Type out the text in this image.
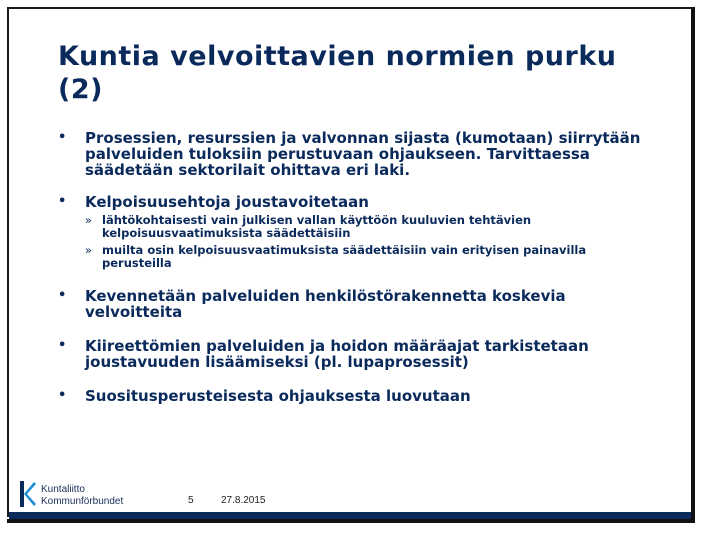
Kuntia velvoittavien normien purku (2)
• Prosessien, resurssien ja valvonnan sijasta (kumotaan) siirrytään palveluiden tuloksiin perustuvaan ohjaukseen. Tarvittaessa säädetään sektorilait ohittava eri laki.
• Kelpoisuusehtoja joustavoitetaan
» lähtökohtaisesti vain julkisen vallan käyttöön kuuluvien tehtävien kelpoisuusvaatimuksista säädettäisiin
» muilta osin kelpoisuusvaatimuksista säädettäisiin vain erityisen painavilla perusteilla
• Kevennetään palveluiden henkilöstörakennetta koskevia velvoitteita
• Kiireettömien palveluiden ja hoidon määräajat tarkistetaan joustavuuden lisäämiseksi (pl. lupaprosessit)
• Suositusperusteisesta ohjauksesta luovutaan
Kuntaliitto
Kommunförbundet	5	27.8.2015
